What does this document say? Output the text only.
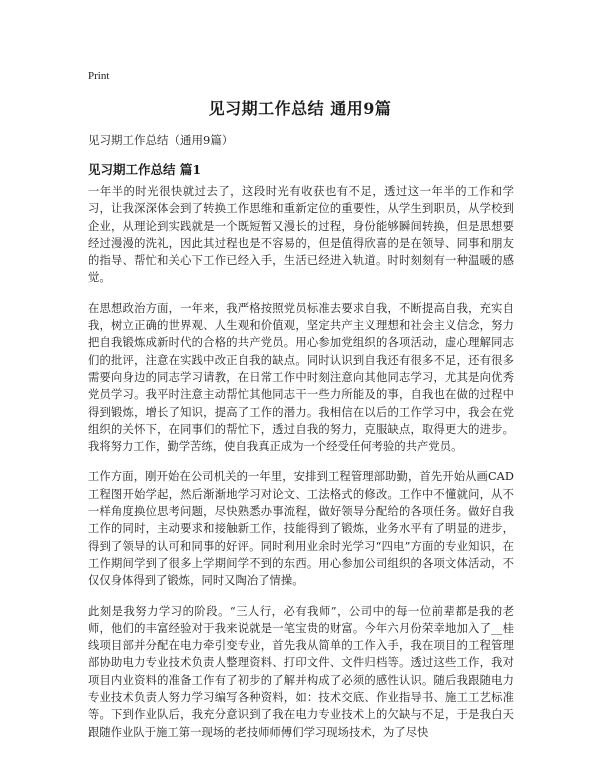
Print
见习期工作总结 通用9篇
见习期工作总结（通用9篇）
见习期工作总结 篇1

一年半的时光很快就过去了，这段时光有收获也有不足，透过这一年半的工作和学习，让我深深体会到了转换工作思维和重新定位的重要性，从学生到职员，从学校到企业，从理论到实践就是一个既短暂又漫长的过程，身份能够瞬间转换，但是思想要经过漫漫的洗礼，因此其过程也是不容易的，但是值得欣喜的是在领导、同事和朋友的指导、帮忙和关心下工作已经入手，生活已经进入轨道。时时刻刻有一种温暖的感觉。

在思想政治方面，一年来，我严格按照党员标准去要求自我，不断提高自我，充实自我，树立正确的世界观、人生观和价值观，坚定共产主义理想和社会主义信念，努力把自我锻炼成新时代的合格的共产党员。用心参加党组织的各项活动，虚心理解同志们的批评，注意在实践中改正自我的缺点。同时认识到自我还有很多不足，还有很多需要向身边的同志学习请教，在日常工作中时刻注意向其他同志学习，尤其是向优秀党员学习。我平时注意主动帮忙其他同志干一些力所能及的事，自我也在做的过程中得到锻炼，增长了知识，提高了工作的潜力。我相信在以后的工作学习中，我会在党组织的关怀下，在同事们的帮忙下，透过自我的努力，克服缺点，取得更大的进步。我将努力工作，勤学苦练，使自我真正成为一个经受任何考验的共产党员。

工作方面，刚开始在公司机关的一年里，安排到工程管理部助勤，首先开始从画CAD工程图开始学起，然后渐渐地学习对论文、工法格式的修改。工作中不懂就问，从不一样角度换位思考问题，尽快熟悉办事流程，做好领导分配给的各项任务。做好自我工作的同时，主动要求和接触新工作，技能得到了锻炼，业务水平有了明显的进步，得到了领导的认可和同事的好评。同时利用业余时光学习“四电”方面的专业知识，在工作期间学到了很多上学期间学不到的东西。用心参加公司组织的各项文体活动，不仅仅身体得到了锻炼，同时又陶冶了情操。

此刻是我努力学习的阶段。“三人行，必有我师”，公司中的每一位前辈都是我的老师，他们的丰富经验对于我来说就是一笔宝贵的财富。今年六月份荣幸地加入了__桂线项目部并分配在电力牵引变专业，首先我从简单的工作入手，我在项目的工程管理部协助电力专业技术负责人整理资料、打印文件、文件归档等。透过这些工作，我对项目内业资料的准备工作有了初步的了解并构成了必须的感性认识。随后我跟随电力专业技术负责人努力学习编写各种资料，如：技术交底、作业指导书、施工工艺标准等。下到作业队后，我充分意识到了我在电力专业技术上的欠缺与不足，于是我白天跟随作业队于施工第一现场的老技师师傅们学习现场技术，为了尽快
